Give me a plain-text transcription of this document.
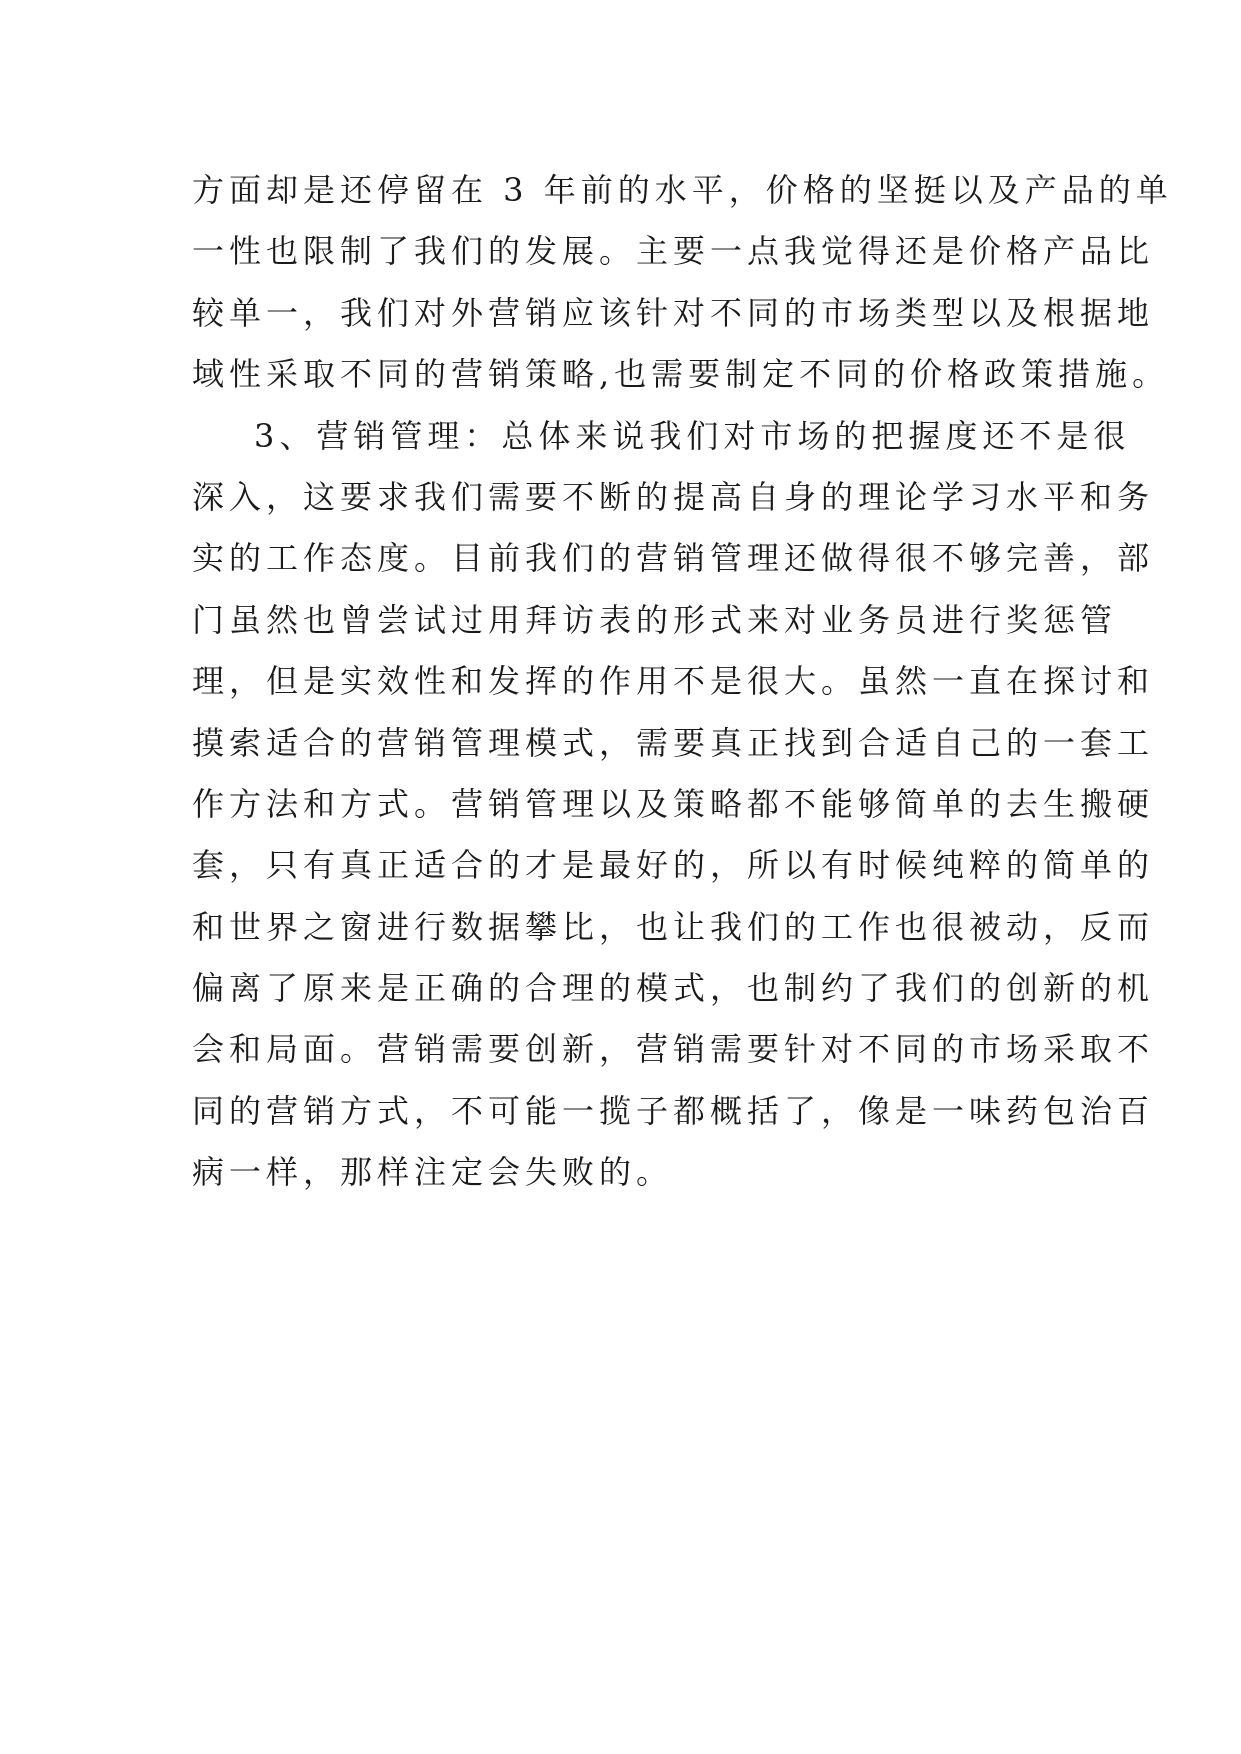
方面却是还停留在 3 年前的水平，价格的坚挺以及产品的单
一性也限制了我们的发展。主要一点我觉得还是价格产品比
较单一，我们对外营销应该针对不同的市场类型以及根据地
域性采取不同的营销策略,也需要制定不同的价格政策措施。
3、营销管理：总体来说我们对市场的把握度还不是很
深入，这要求我们需要不断的提高自身的理论学习水平和务
实的工作态度。目前我们的营销管理还做得很不够完善，部
门虽然也曾尝试过用拜访表的形式来对业务员进行奖惩管
理，但是实效性和发挥的作用不是很大。虽然一直在探讨和
摸索适合的营销管理模式，需要真正找到合适自己的一套工
作方法和方式。营销管理以及策略都不能够简单的去生搬硬
套，只有真正适合的才是最好的，所以有时候纯粹的简单的
和世界之窗进行数据攀比，也让我们的工作也很被动，反而
偏离了原来是正确的合理的模式，也制约了我们的创新的机
会和局面。营销需要创新，营销需要针对不同的市场采取不
同的营销方式，不可能一揽子都概括了，像是一味药包治百
病一样，那样注定会失败的。
